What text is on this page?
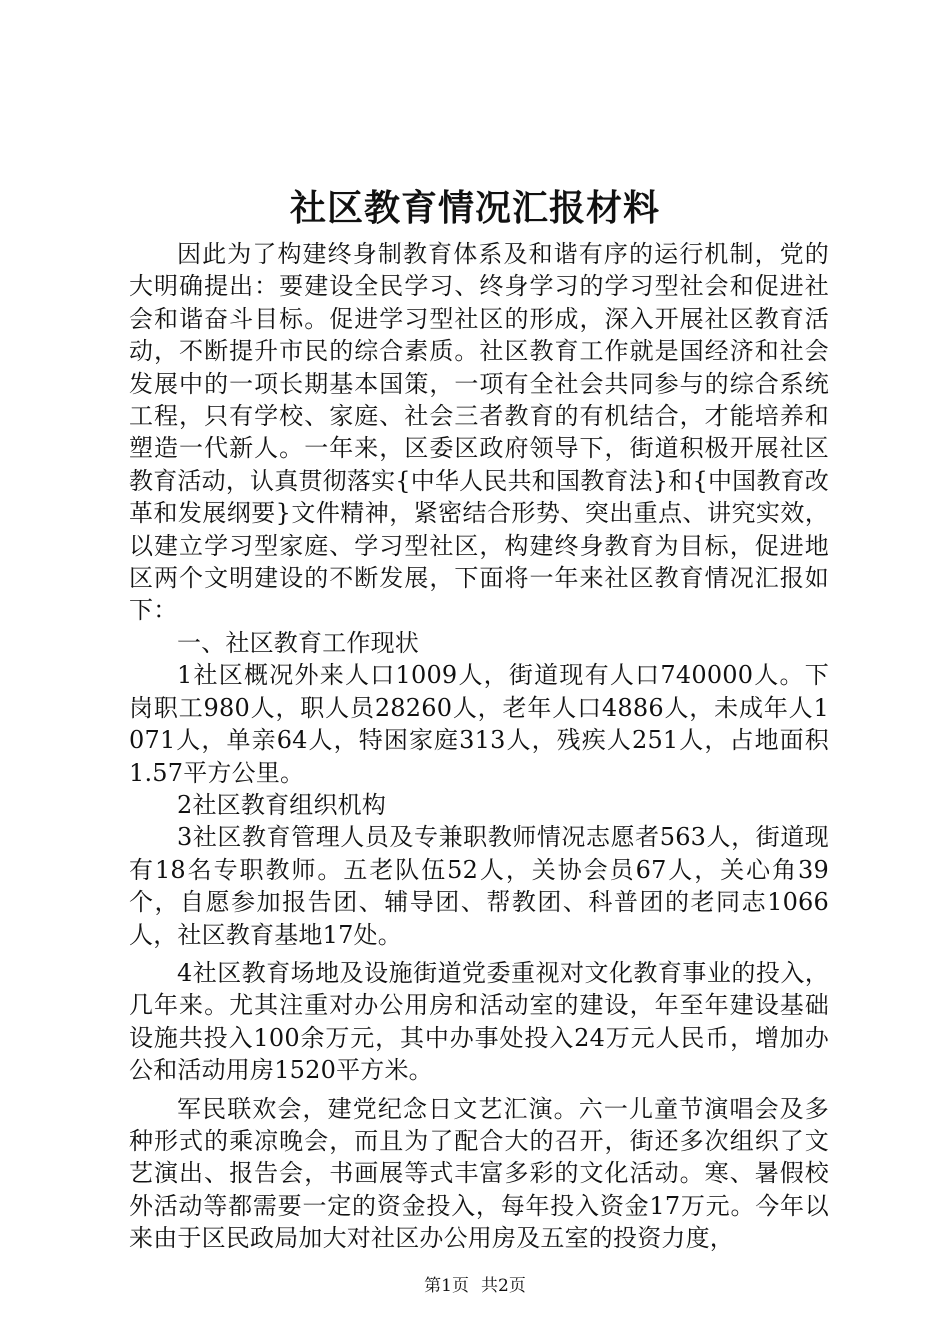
社区教育情况汇报材料

因此为了构建终身制教育体系及和谐有序的运行机制，党的大明确提出：要建设全民学习、终身学习的学习型社会和促进社会和谐奋斗目标。促进学习型社区的形成，深入开展社区教育活动，不断提升市民的综合素质。社区教育工作就是国经济和社会发展中的一项长期基本国策，一项有全社会共同参与的综合系统工程，只有学校、家庭、社会三者教育的有机结合，才能培养和塑造一代新人。一年来，区委区政府领导下，街道积极开展社区教育活动，认真贯彻落实{中华人民共和国教育法}和{中国教育改革和发展纲要}文件精神，紧密结合形势、突出重点、讲究实效，以建立学习型家庭、学习型社区，构建终身教育为目标，促进地区两个文明建设的不断发展，下面将一年来社区教育情况汇报如下：

一、社区教育工作现状

1社区概况外来人口1009人，街道现有人口740000人。下岗职工980人，职人员28260人，老年人口4886人，未成年人1071人，单亲64人，特困家庭313人，残疾人251人，占地面积1.57平方公里。

2社区教育组织机构

3社区教育管理人员及专兼职教师情况志愿者563人，街道现有18名专职教师。五老队伍52人，关协会员67人，关心角39个，自愿参加报告团、辅导团、帮教团、科普团的老同志1066人，社区教育基地17处。

4社区教育场地及设施街道党委重视对文化教育事业的投入，几年来。尤其注重对办公用房和活动室的建设，年至年建设基础设施共投入100余万元，其中办事处投入24万元人民币，增加办公和活动用房1520平方米。

军民联欢会，建党纪念日文艺汇演。六一儿童节演唱会及多种形式的乘凉晚会，而且为了配合大的召开，街还多次组织了文艺演出、报告会，书画展等式丰富多彩的文化活动。寒、暑假校外活动等都需要一定的资金投入，每年投入资金17万元。今年以来由于区民政局加大对社区办公用房及五室的投资力度，

第1页 共2页
